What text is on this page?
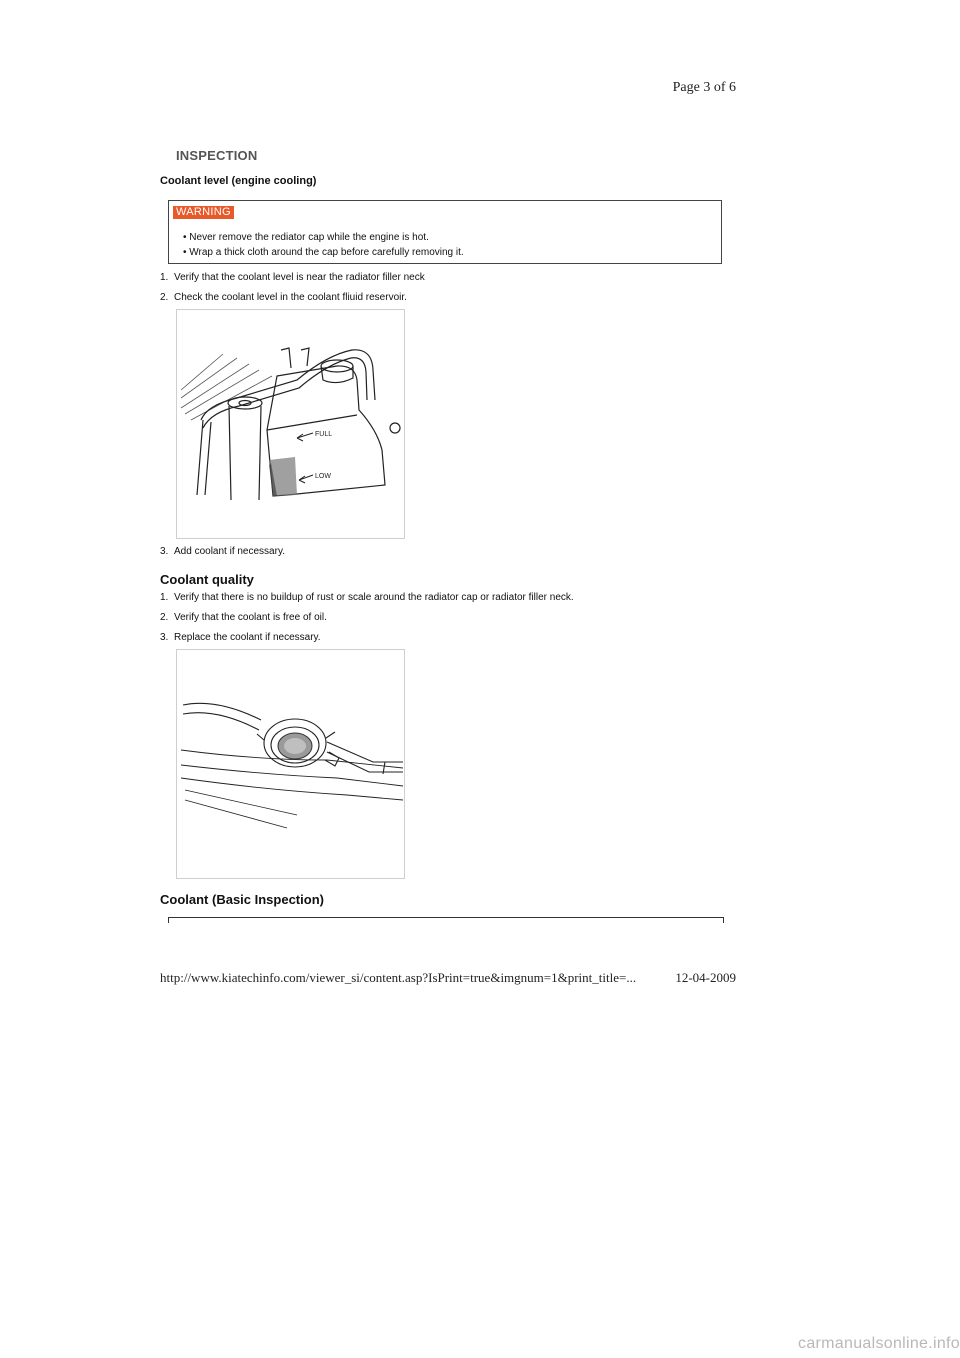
Page 3 of 6
INSPECTION
Coolant level (engine cooling)
WARNING
• Never remove the rediator cap while the engine is hot.
• Wrap a thick cloth around the cap before carefully removing it.
1. Verify that the coolant level is near the radiator filler neck
2. Check the coolant level in the coolant fliuid reservoir.
FULL
LOW
3. Add coolant if necessary.
Coolant quality
1. Verify that there is no buildup of rust or scale around the radiator cap or radiator filler neck.
2. Verify that the coolant is free of oil.
3. Replace the coolant if necessary.
Coolant (Basic Inspection)
http://www.kiatechinfo.com/viewer_si/content.asp?IsPrint=true&imgnum=1&print_title=...	12-04-2009
carmanualsonline.info
